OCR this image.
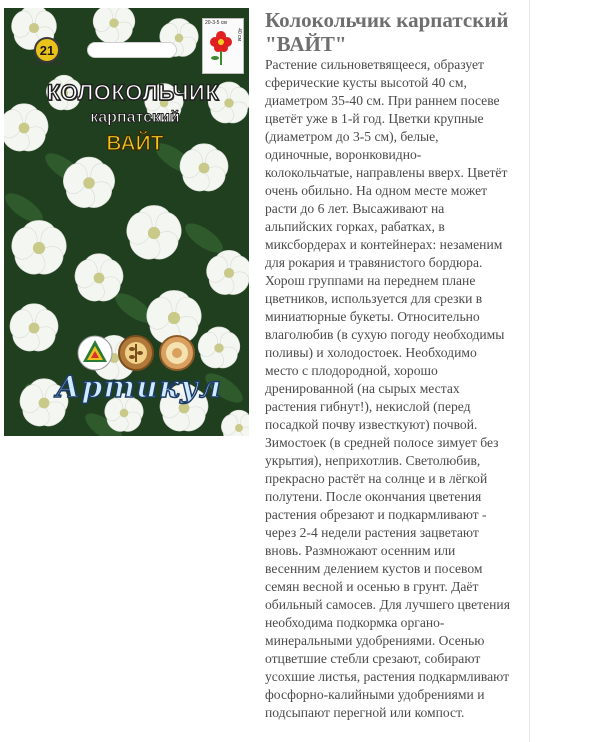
21
ИНФОРМАЦИЯ
20-3-5 см
40 см
КОЛОКОЛЬЧИК
карпатский
ВАЙТ
Артикул
Колокольчик карпатский "ВАЙТ"
Растение сильноветвящееся, образует
сферические кусты высотой 40 см,
диаметром 35-40 см. При раннем посеве
цветёт уже в 1-й год. Цветки крупные
(диаметром до 3-5 см), белые,
одиночные, воронковидно-
колокольчатые, направлены вверх. Цветёт
очень обильно. На одном месте может
расти до 6 лет. Высаживают на
альпийских горках, рабатках, в
миксбордерах и контейнерах: незаменим
для рокария и травянистого бордюра.
Хорош группами на переднем плане
цветников, используется для срезки в
миниатюрные букеты. Относительно
влаголюбив (в сухую погоду необходимы
поливы) и холодостоек. Необходимо
место с плодородной, хорошо
дренированной (на сырых местах
растения гибнут!), некислой (перед
посадкой почву известкуют) почвой.
Зимостоек (в средней полосе зимует без
укрытия), неприхотлив. Светолюбив,
прекрасно растёт на солнце и в лёгкой
полутени. После окончания цветения
растения обрезают и подкармливают -
через 2-4 недели растения зацветают
вновь. Размножают осенним или
весенним делением кустов и посевом
семян весной и осенью в грунт. Даёт
обильный самосев. Для лучшего цветения
необходима подкормка органо-
минеральными удобрениями. Осенью
отцветшие стебли срезают, собирают
усохшие листья, растения подкармливают
фосфорно-калийными удобрениями и
подсыпают перегной или компост.
